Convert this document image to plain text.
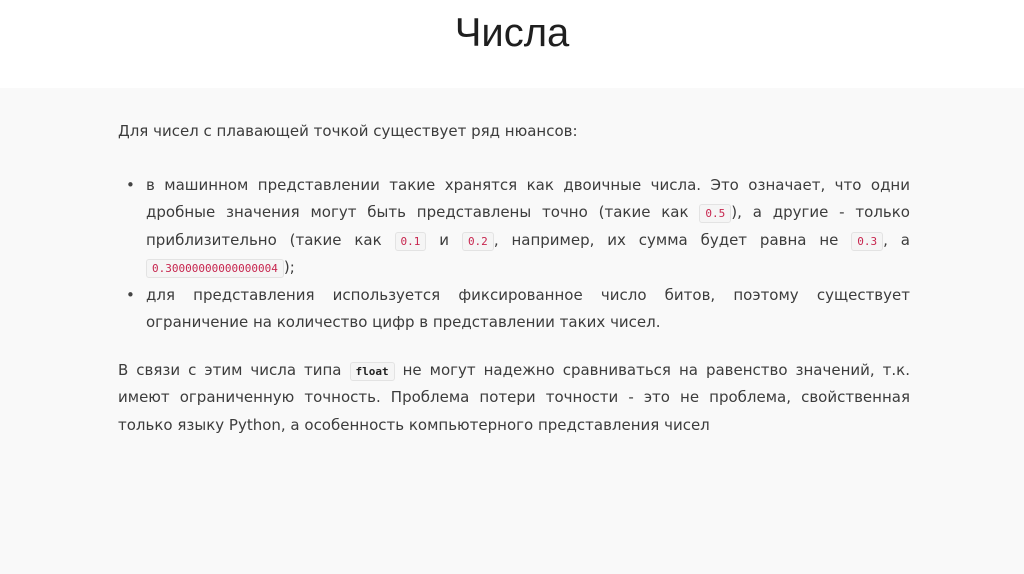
Числа

Для чисел с плавающей точкой существует ряд нюансов:

• в машинном представлении такие хранятся как двоичные числа. Это означает, что одни дробные значения могут быть представлены точно (такие как 0.5 ), а другие - только приблизительно (такие как 0.1 и 0.2 , например, их сумма будет равна не 0.3 , а 0.30000000000000004 );
• для представления используется фиксированное число битов, поэтому существует ограничение на количество цифр в представлении таких чисел.

В связи с этим числа типа float не могут надежно сравниваться на равенство значений, т.к. имеют ограниченную точность. Проблема потери точности - это не проблема, свойственная только языку Python, а особенность компьютерного представления чисел
